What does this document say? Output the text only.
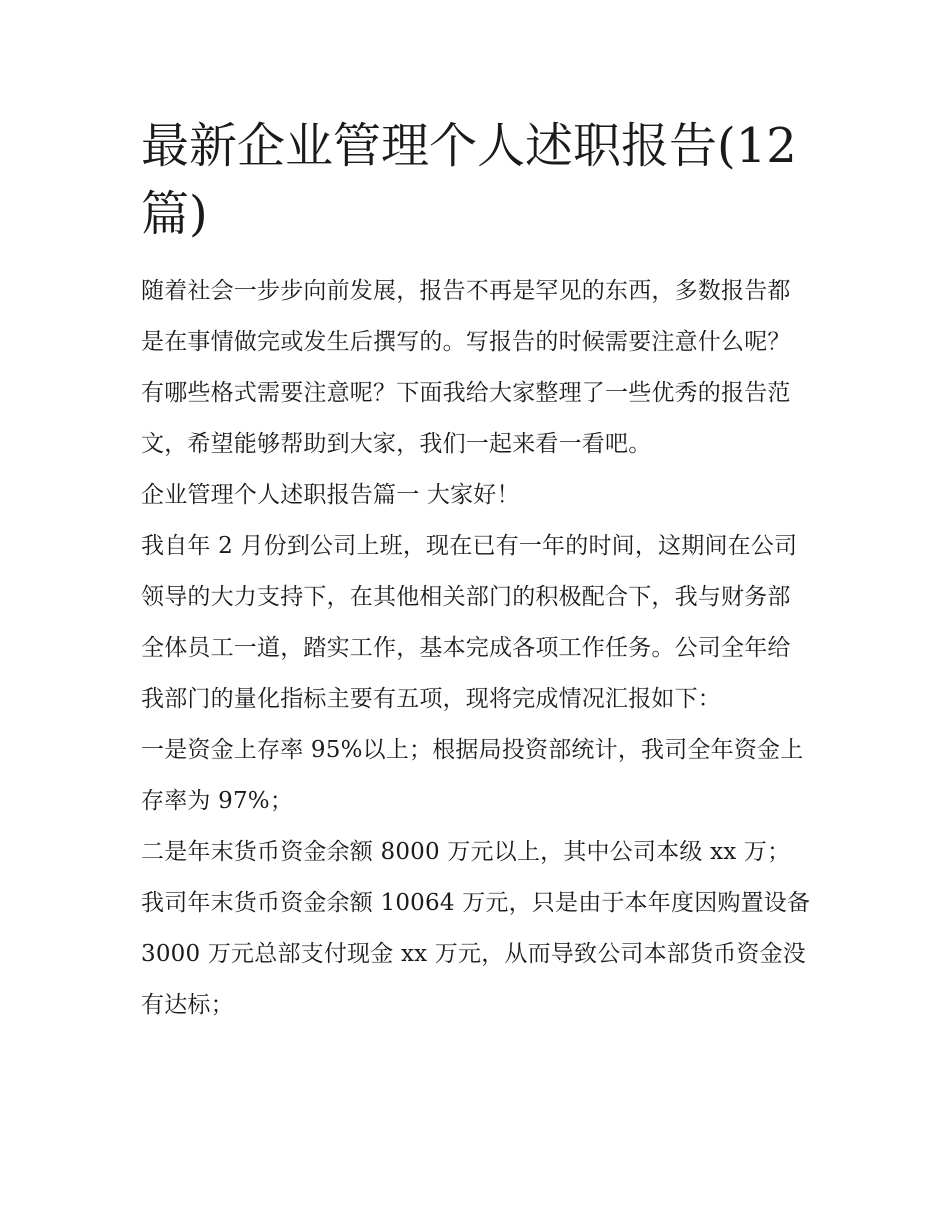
最新企业管理个人述职报告(12篇)

随着社会一步步向前发展，报告不再是罕见的东西，多数报告都是在事情做完或发生后撰写的。写报告的时候需要注意什么呢？有哪些格式需要注意呢？下面我给大家整理了一些优秀的报告范文，希望能够帮助到大家，我们一起来看一看吧。

企业管理个人述职报告篇一 大家好！

我自年 2 月份到公司上班，现在已有一年的时间，这期间在公司领导的大力支持下，在其他相关部门的积极配合下，我与财务部全体员工一道，踏实工作，基本完成各项工作任务。公司全年给我部门的量化指标主要有五项，现将完成情况汇报如下：

一是资金上存率 95%以上；根据局投资部统计，我司全年资金上存率为 97%；

二是年末货币资金余额 8000 万元以上，其中公司本级 xx 万；我司年末货币资金余额 10064 万元，只是由于本年度因购置设备 3000 万元总部支付现金 xx 万元，从而导致公司本部货币资金没有达标；
